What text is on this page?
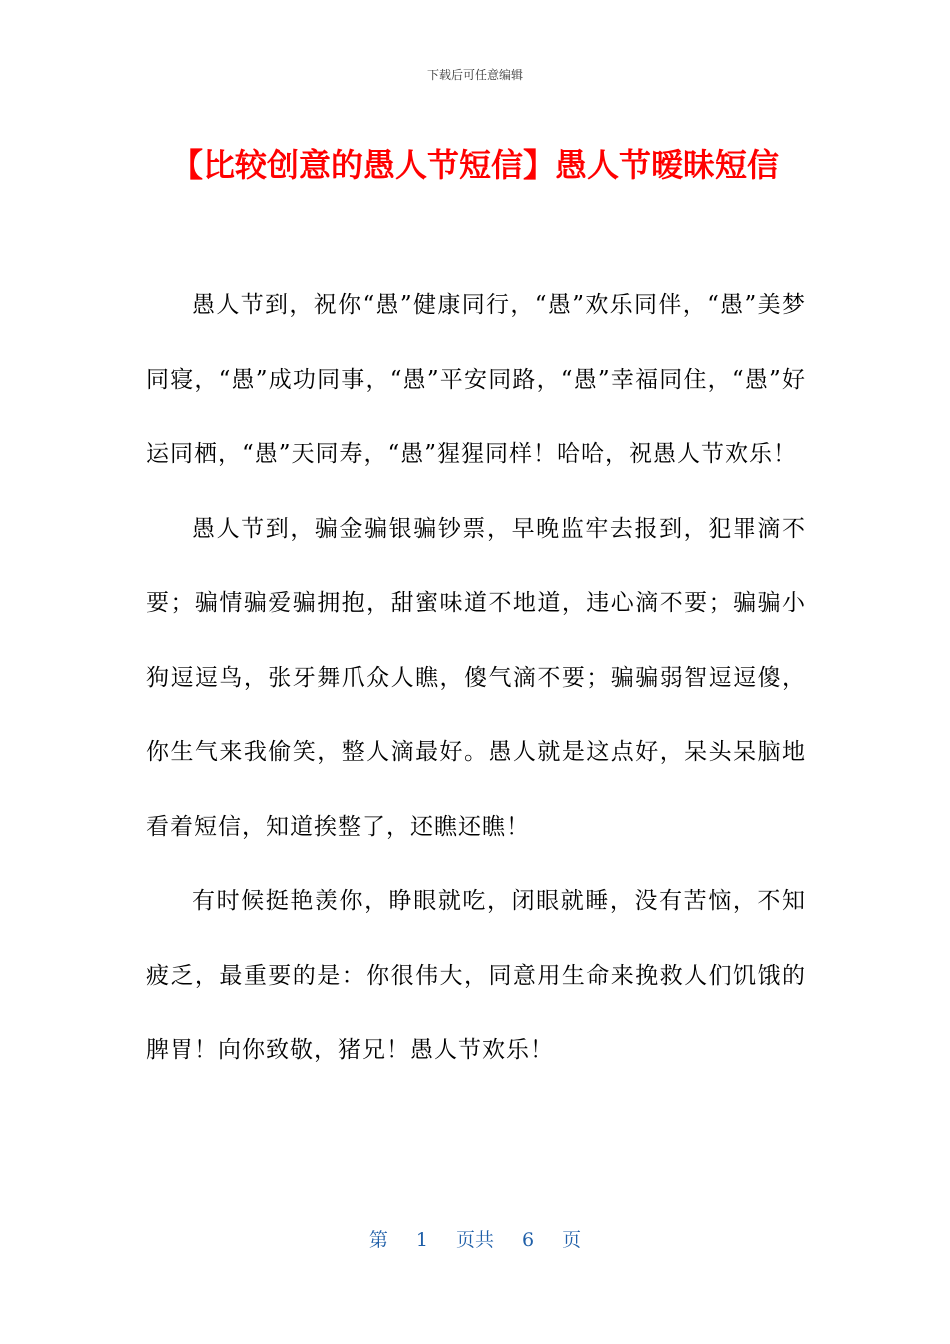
下载后可任意编辑
【比较创意的愚人节短信】愚人节暧昧短信

愚人节到，祝你“愚”健康同行，“愚”欢乐同伴，“愚”美梦同寝，“愚”成功同事，“愚”平安同路，“愚”幸福同住，“愚”好运同栖，“愚”天同寿，“愚”猩猩同样！哈哈，祝愚人节欢乐！

愚人节到，骗金骗银骗钞票，早晚监牢去报到，犯罪滴不要；骗情骗爱骗拥抱，甜蜜味道不地道，违心滴不要；骗骗小狗逗逗鸟，张牙舞爪众人瞧，傻气滴不要；骗骗弱智逗逗傻，你生气来我偷笑，整人滴最好。愚人就是这点好，呆头呆脑地看着短信，知道挨整了，还瞧还瞧！

有时候挺艳羡你，睁眼就吃，闭眼就睡，没有苦恼，不知疲乏，最重要的是：你很伟大，同意用生命来挽救人们饥饿的脾胃！向你致敬，猪兄！愚人节欢乐！

第 1 页共 6 页
